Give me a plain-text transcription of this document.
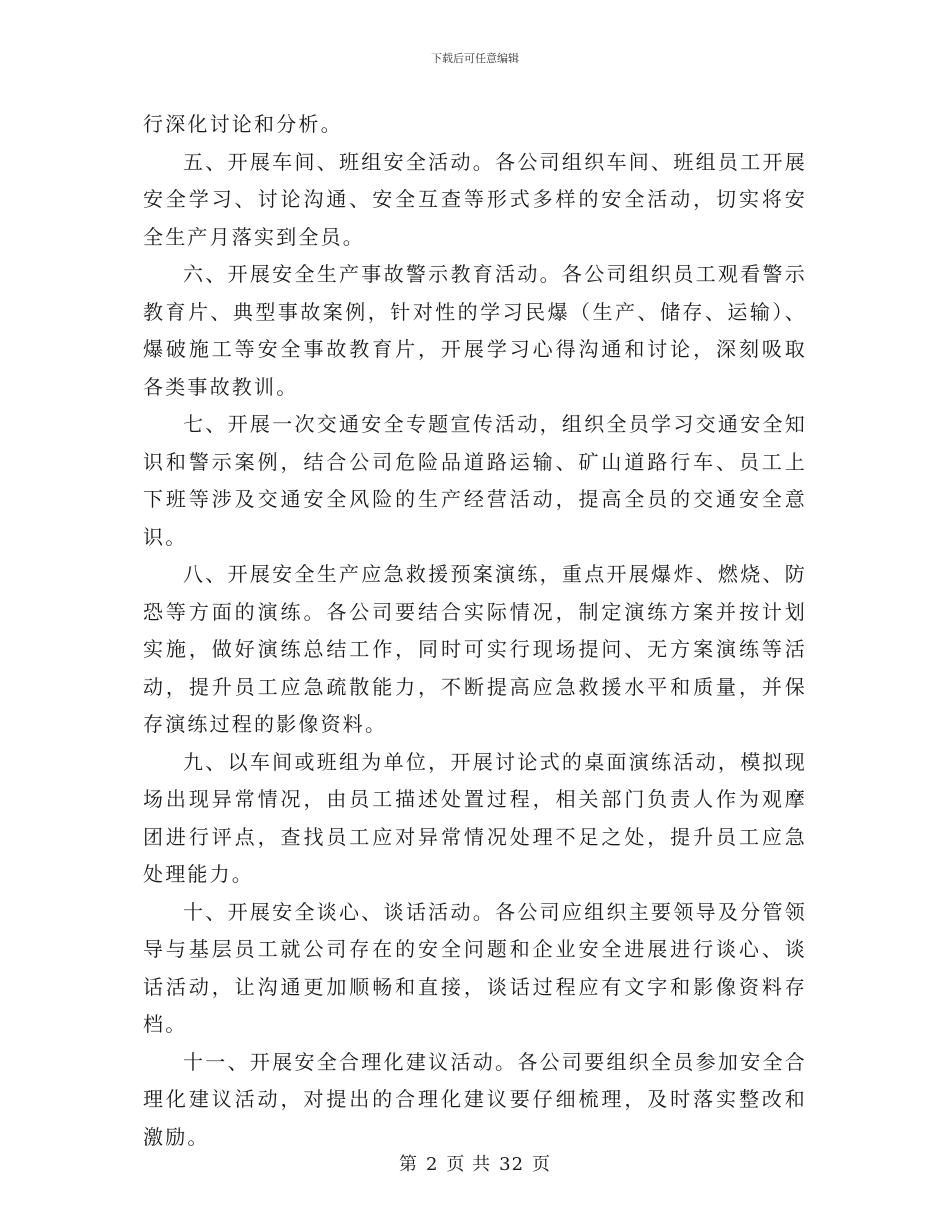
下载后可任意编辑

行深化讨论和分析。

五、开展车间、班组安全活动。各公司组织车间、班组员工开展安全学习、讨论沟通、安全互查等形式多样的安全活动，切实将安全生产月落实到全员。

六、开展安全生产事故警示教育活动。各公司组织员工观看警示教育片、典型事故案例，针对性的学习民爆（生产、储存、运输）、爆破施工等安全事故教育片，开展学习心得沟通和讨论，深刻吸取各类事故教训。

七、开展一次交通安全专题宣传活动，组织全员学习交通安全知识和警示案例，结合公司危险品道路运输、矿山道路行车、员工上下班等涉及交通安全风险的生产经营活动，提高全员的交通安全意识。

八、开展安全生产应急救援预案演练，重点开展爆炸、燃烧、防恐等方面的演练。各公司要结合实际情况，制定演练方案并按计划实施，做好演练总结工作，同时可实行现场提问、无方案演练等活动，提升员工应急疏散能力，不断提高应急救援水平和质量，并保存演练过程的影像资料。

九、以车间或班组为单位，开展讨论式的桌面演练活动，模拟现场出现异常情况，由员工描述处置过程，相关部门负责人作为观摩团进行评点，查找员工应对异常情况处理不足之处，提升员工应急处理能力。

十、开展安全谈心、谈话活动。各公司应组织主要领导及分管领导与基层员工就公司存在的安全问题和企业安全进展进行谈心、谈话活动，让沟通更加顺畅和直接，谈话过程应有文字和影像资料存档。

十一、开展安全合理化建议活动。各公司要组织全员参加安全合理化建议活动，对提出的合理化建议要仔细梳理，及时落实整改和激励。

第 2 页 共 32 页
